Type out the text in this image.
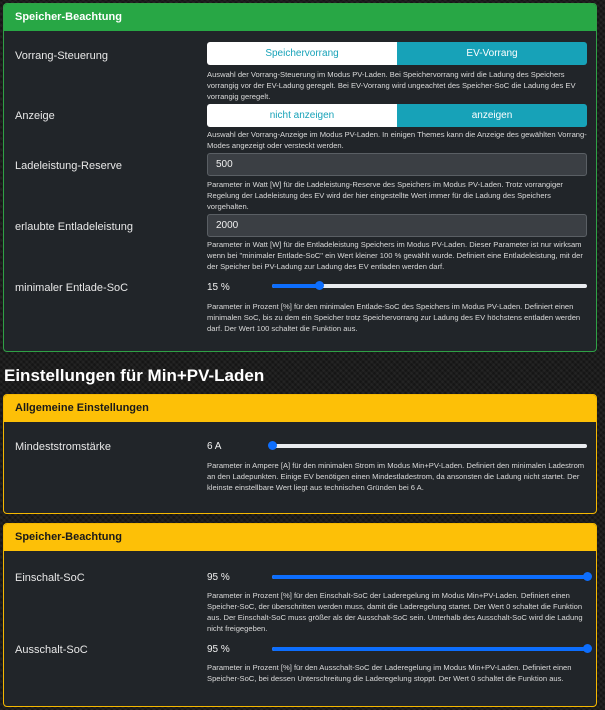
Speicher-Beachtung
Vorrang-Steuerung	Speichervorrang	EV-Vorrang
Auswahl der Vorrang-Steuerung im Modus PV-Laden. Bei Speichervorrang wird die Ladung des Speichers vorrangig vor der EV-Ladung geregelt. Bei EV-Vorrang wird ungeachtet des Speicher-SoC die Ladung des EV vorrangig geregelt.
Anzeige	nicht anzeigen	anzeigen
Auswahl der Vorrang-Anzeige im Modus PV-Laden. In einigen Themes kann die Anzeige des gewählten Vorrang-Modes angezeigt oder versteckt werden.
Ladeleistung-Reserve	500
Parameter in Watt [W] für die Ladeleistung-Reserve des Speichers im Modus PV-Laden. Trotz vorrangiger Regelung der Ladeleistung des EV wird der hier eingestellte Wert immer für die Ladung des Speichers vorgehalten.
erlaubte Entladeleistung	2000
Parameter in Watt [W] für die Entladeleistung Speichers im Modus PV-Laden. Dieser Parameter ist nur wirksam wenn bei "minimaler Entlade-SoC" ein Wert kleiner 100 % gewählt wurde. Definiert eine Entladeleistung, mit der der Speicher bei PV-Ladung zur Ladung des EV entladen werden darf.
minimaler Entlade-SoC	15 %
Parameter in Prozent [%] für den minimalen Entlade-SoC des Speichers im Modus PV-Laden. Definiert einen minimalen SoC, bis zu dem ein Speicher trotz Speichervorrang zur Ladung des EV höchstens entladen werden darf. Der Wert 100 schaltet die Funktion aus.
Einstellungen für Min+PV-Laden
Allgemeine Einstellungen
Mindeststromstärke	6 A
Parameter in Ampere [A] für den minimalen Strom im Modus Min+PV-Laden. Definiert den minimalen Ladestrom an den Ladepunkten. Einige EV benötigen einen Mindestladestrom, da ansonsten die Ladung nicht startet. Der kleinste einstellbare Wert liegt aus technischen Gründen bei 6 A.
Speicher-Beachtung
Einschalt-SoC	95 %
Parameter in Prozent [%] für den Einschalt-SoC der Laderegelung im Modus Min+PV-Laden. Definiert einen Speicher-SoC, der überschritten werden muss, damit die Laderegelung startet. Der Wert 0 schaltet die Funktion aus. Der Einschalt-SoC muss größer als der Ausschalt-SoC sein. Unterhalb des Ausschalt-SoC wird die Ladung nicht freigegeben.
Ausschalt-SoC	95 %
Parameter in Prozent [%] für den Ausschalt-SoC der Laderegelung im Modus Min+PV-Laden. Definiert einen Speicher-SoC, bei dessen Unterschreitung die Laderegelung stoppt. Der Wert 0 schaltet die Funktion aus.
